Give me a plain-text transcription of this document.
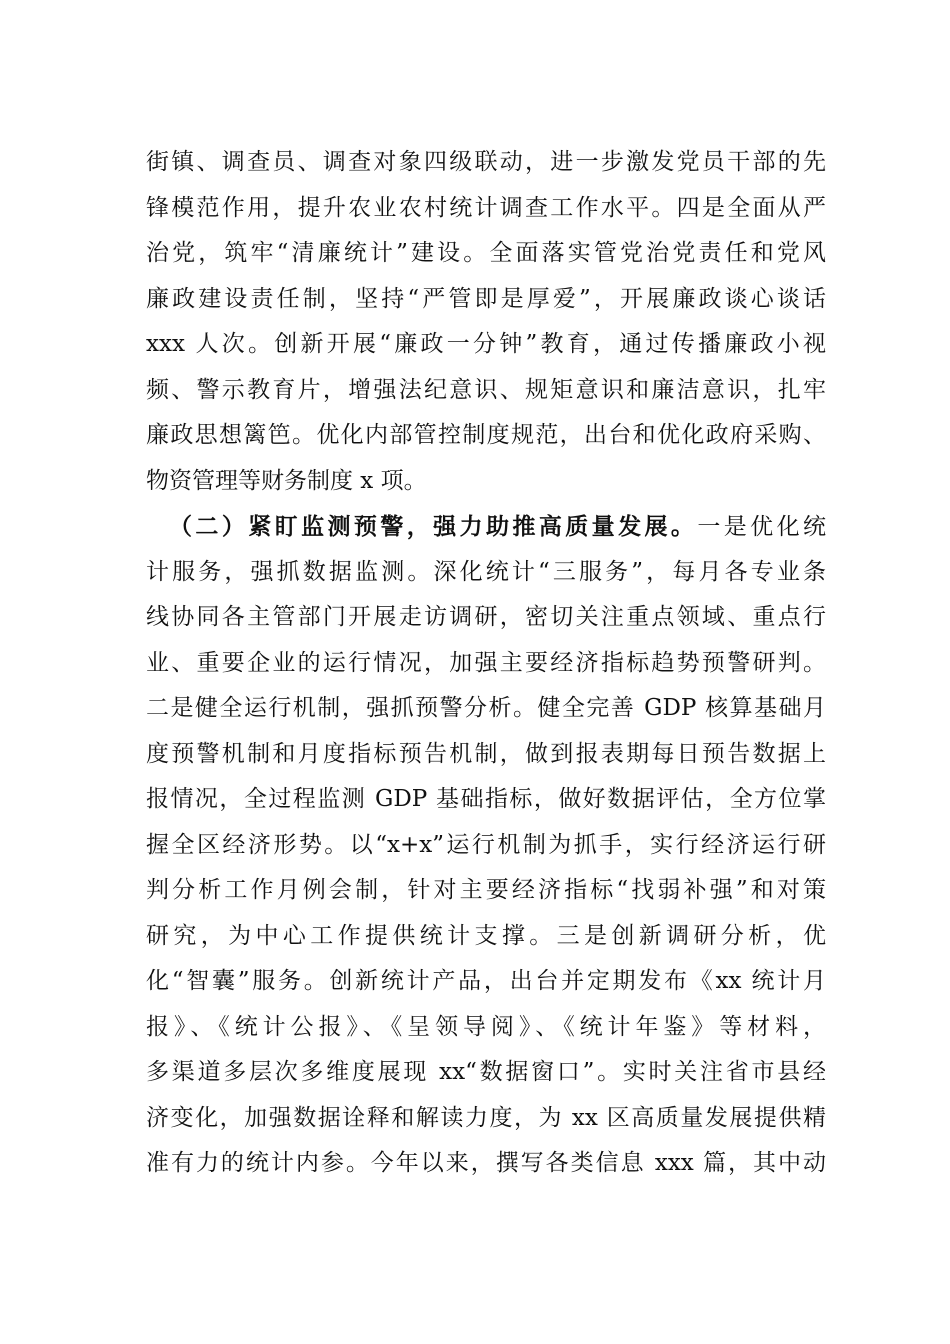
街镇、调查员、调查对象四级联动，进一步激发党员干部的先
锋模范作用，提升农业农村统计调查工作水平。四是全面从严
治党，筑牢“清廉统计”建设。全面落实管党治党责任和党风
廉政建设责任制，坚持“严管即是厚爱”，开展廉政谈心谈话
xxx 人次。创新开展“廉政一分钟”教育，通过传播廉政小视
频、警示教育片，增强法纪意识、规矩意识和廉洁意识，扎牢
廉政思想篱笆。优化内部管控制度规范，出台和优化政府采购、
物资管理等财务制度 x 项。
（二）紧盯监测预警，强力助推高质量发展。一是优化统
计服务，强抓数据监测。深化统计“三服务”，每月各专业条
线协同各主管部门开展走访调研，密切关注重点领域、重点行
业、重要企业的运行情况，加强主要经济指标趋势预警研判。
二是健全运行机制，强抓预警分析。健全完善 GDP 核算基础月
度预警机制和月度指标预告机制，做到报表期每日预告数据上
报情况，全过程监测 GDP 基础指标，做好数据评估，全方位掌
握全区经济形势。以“x+x”运行机制为抓手，实行经济运行研
判分析工作月例会制，针对主要经济指标“找弱补强”和对策
研究，为中心工作提供统计支撑。三是创新调研分析，优
化“智囊”服务。创新统计产品，出台并定期发布《xx 统计月
报》、《统计公报》、《呈领导阅》、《统计年鉴》等材料，
多渠道多层次多维度展现 xx“数据窗口”。实时关注省市县经
济变化，加强数据诠释和解读力度，为 xx 区高质量发展提供精
准有力的统计内参。今年以来，撰写各类信息 xxx 篇，其中动
